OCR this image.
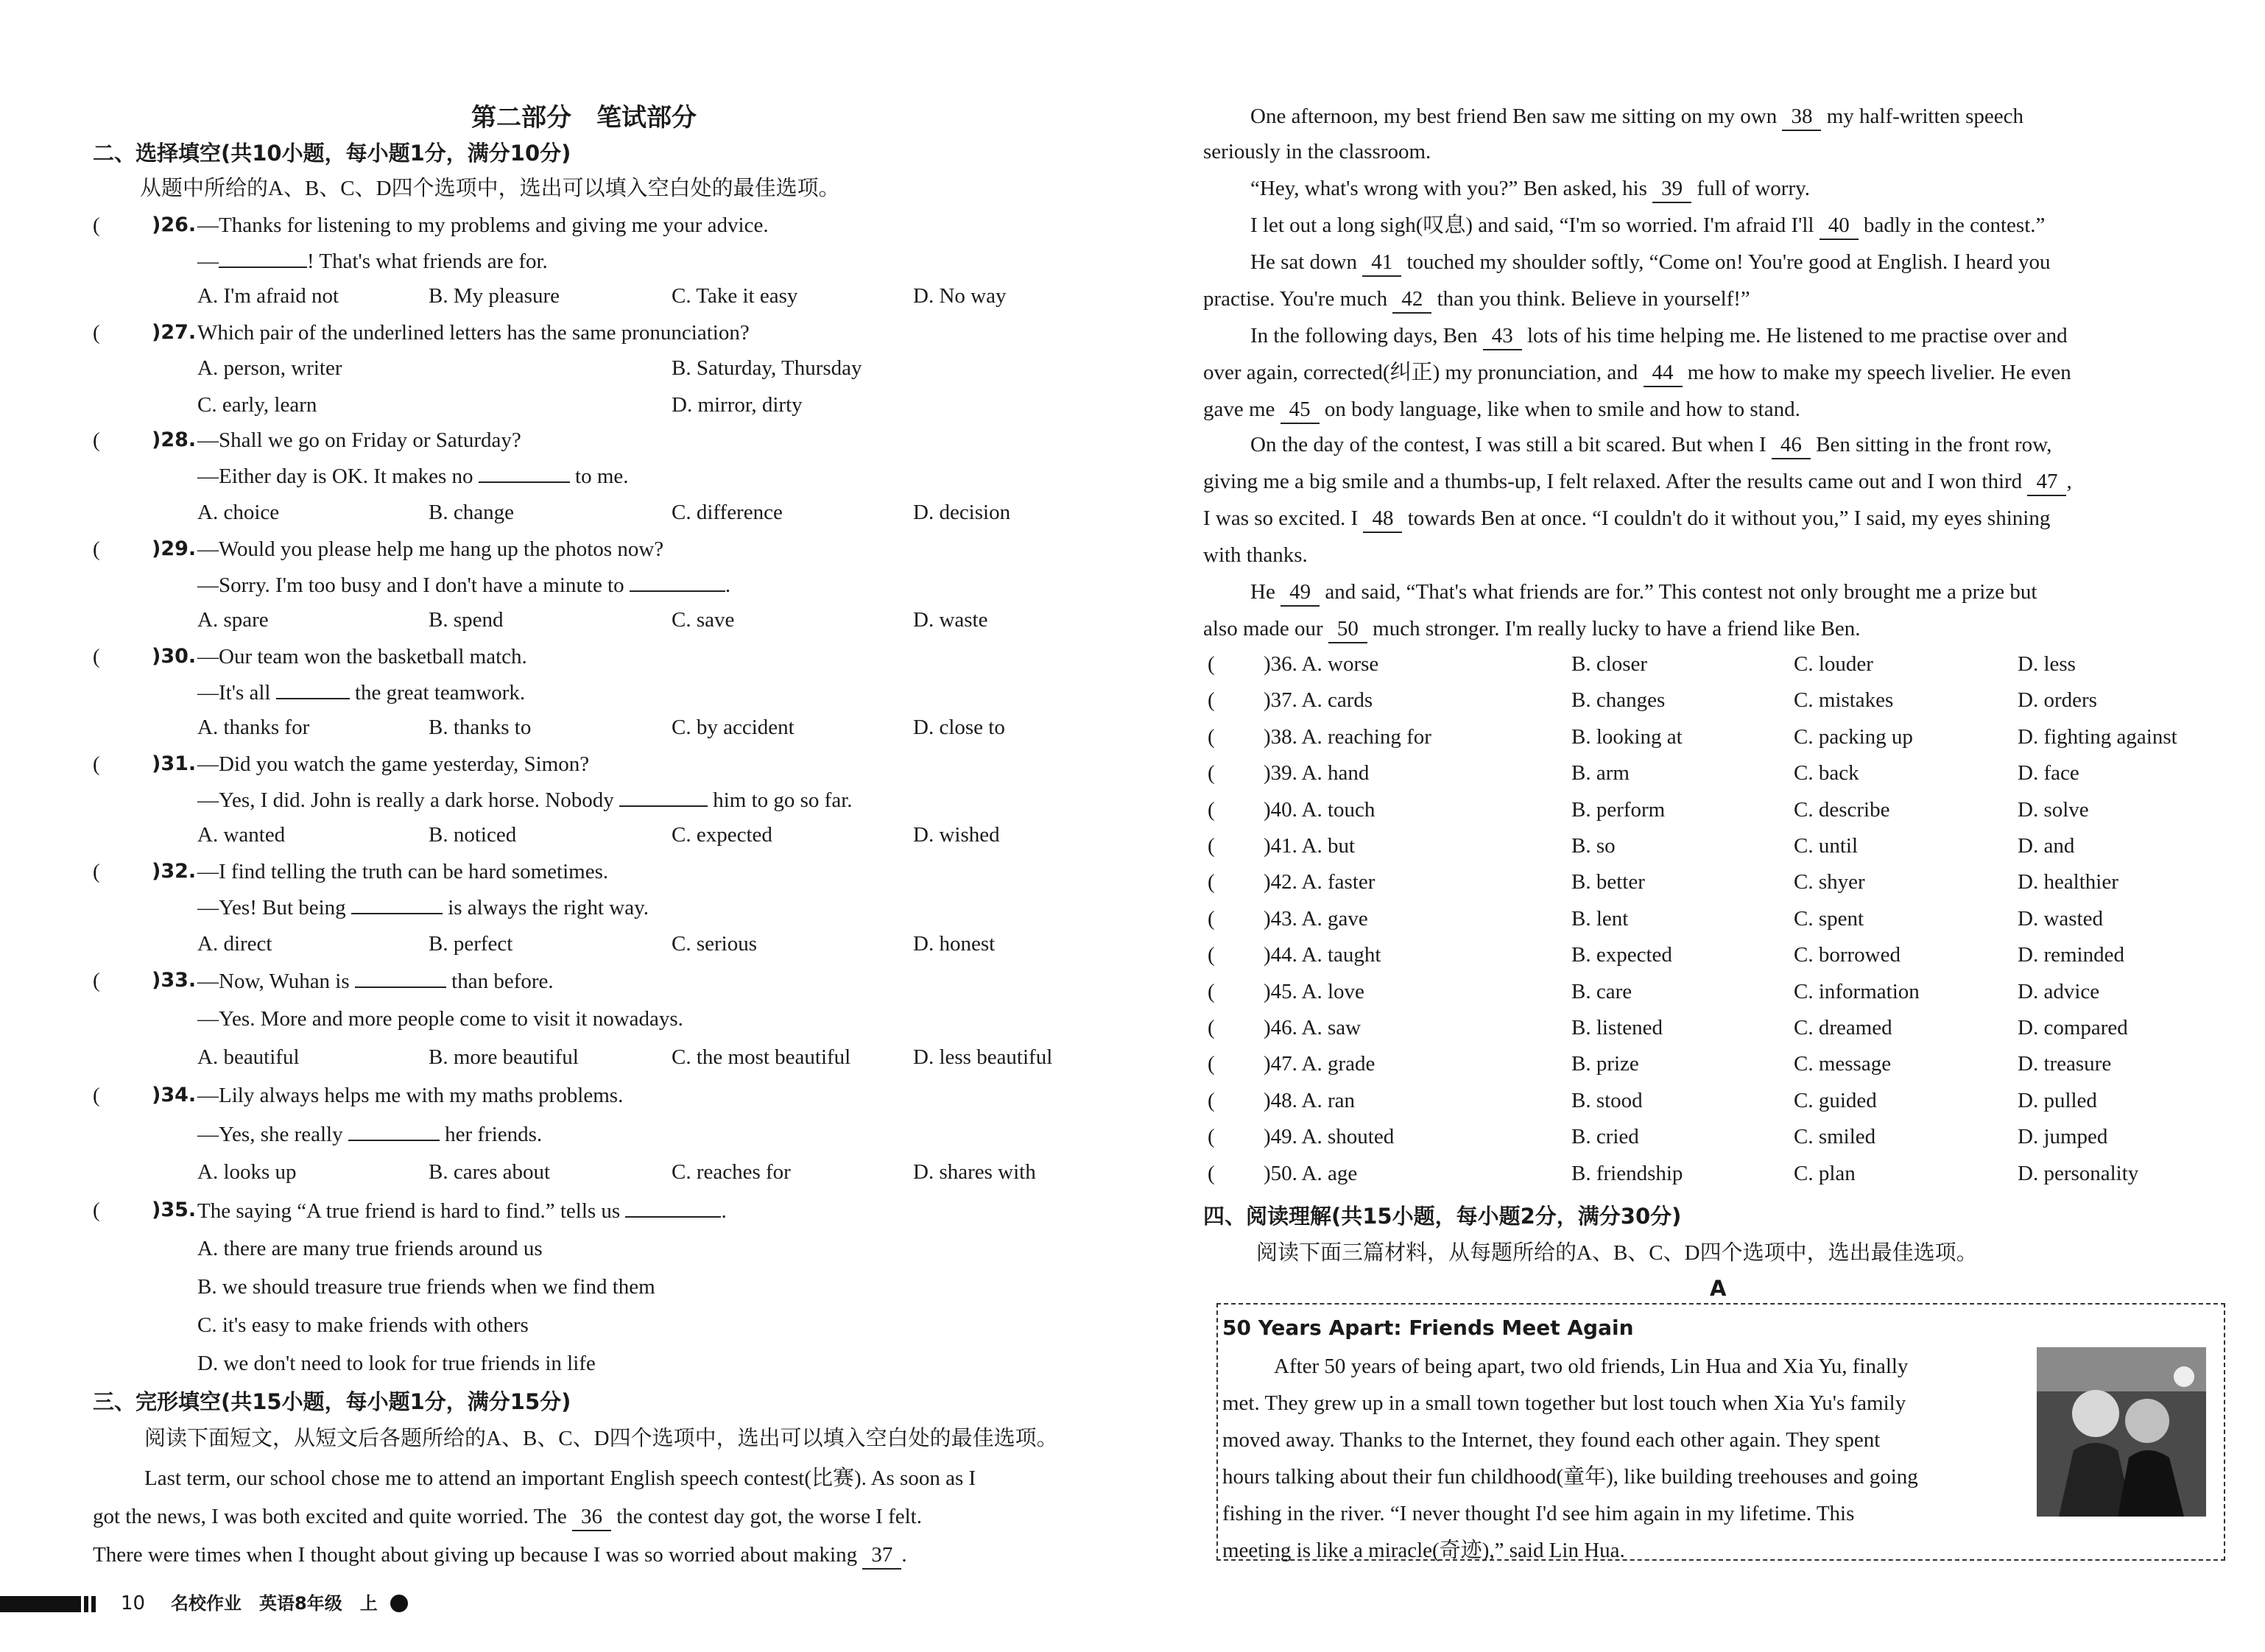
第二部分　笔试部分
二、选择填空(共10小题，每小题1分，满分10分)
从题中所给的A、B、C、D四个选项中，选出可以填入空白处的最佳选项。
(	)26. —Thanks for listening to my problems and giving me your advice.
—	! That's what friends are for.
A. I'm afraid not	B. My pleasure	C. Take it easy	D. No way
(	)27. Which pair of the underlined letters has the same pronunciation?
A. person, writer	B. Saturday, Thursday
C. early, learn	D. mirror, dirty
(	)28. —Shall we go on Friday or Saturday?
—Either day is OK. It makes no	to me.
A. choice	B. change	C. difference	D. decision
(	)29. —Would you please help me hang up the photos now?
—Sorry. I'm too busy and I don't have a minute to	.
A. spare	B. spend	C. save	D. waste
(	)30. —Our team won the basketball match.
—It's all	the great teamwork.
A. thanks for	B. thanks to	C. by accident	D. close to
(	)31. —Did you watch the game yesterday, Simon?
—Yes, I did. John is really a dark horse. Nobody	him to go so far.
A. wanted	B. noticed	C. expected	D. wished
(	)32. —I find telling the truth can be hard sometimes.
—Yes! But being	is always the right way.
A. direct	B. perfect	C. serious	D. honest
(	)33. —Now, Wuhan is	than before.
—Yes. More and more people come to visit it nowadays.
A. beautiful	B. more beautiful	C. the most beautiful	D. less beautiful
(	)34. —Lily always helps me with my maths problems.
—Yes, she really	her friends.
A. looks up	B. cares about	C. reaches for	D. shares with
(	)35. The saying “A true friend is hard to find.” tells us	.
A. there are many true friends around us
B. we should treasure true friends when we find them
C. it's easy to make friends with others
D. we don't need to look for true friends in life
三、完形填空(共15小题，每小题1分，满分15分)
阅读下面短文，从短文后各题所给的A、B、C、D四个选项中，选出可以填入空白处的最佳选项。
Last term, our school chose me to attend an important English speech contest(比赛). As soon as I
got the news, I was both excited and quite worried. The 36 the contest day got, the worse I felt.
There were times when I thought about giving up because I was so worried about making 37 .
10 名校作业　英语8年级　上
One afternoon, my best friend Ben saw me sitting on my own 38 my half-written speech
seriously in the classroom.
“Hey, what's wrong with you?” Ben asked, his 39 full of worry.
I let out a long sigh(叹息) and said, “I'm so worried. I'm afraid I'll 40 badly in the contest.”
He sat down 41 touched my shoulder softly, “Come on! You're good at English. I heard you
practise. You're much 42 than you think. Believe in yourself!”
In the following days, Ben 43 lots of his time helping me. He listened to me practise over and
over again, corrected(纠正) my pronunciation, and 44 me how to make my speech livelier. He even
gave me 45 on body language, like when to smile and how to stand.
On the day of the contest, I was still a bit scared. But when I 46 Ben sitting in the front row,
giving me a big smile and a thumbs-up, I felt relaxed. After the results came out and I won third 47 ,
I was so excited. I 48 towards Ben at once. “I couldn't do it without you,” I said, my eyes shining
with thanks.
He 49 and said, “That's what friends are for.” This contest not only brought me a prize but
also made our 50 much stronger. I'm really lucky to have a friend like Ben.
( )36. A. worse	B. closer	C. louder	D. less
( )37. A. cards	B. changes	C. mistakes	D. orders
( )38. A. reaching for	B. looking at	C. packing up	D. fighting against
( )39. A. hand	B. arm	C. back	D. face
( )40. A. touch	B. perform	C. describe	D. solve
( )41. A. but	B. so	C. until	D. and
( )42. A. faster	B. better	C. shyer	D. healthier
( )43. A. gave	B. lent	C. spent	D. wasted
( )44. A. taught	B. expected	C. borrowed	D. reminded
( )45. A. love	B. care	C. information	D. advice
( )46. A. saw	B. listened	C. dreamed	D. compared
( )47. A. grade	B. prize	C. message	D. treasure
( )48. A. ran	B. stood	C. guided	D. pulled
( )49. A. shouted	B. cried	C. smiled	D. jumped
( )50. A. age	B. friendship	C. plan	D. personality
四、阅读理解(共15小题，每小题2分，满分30分)
阅读下面三篇材料，从每题所给的A、B、C、D四个选项中，选出最佳选项。
A
50 Years Apart: Friends Meet Again
After 50 years of being apart, two old friends, Lin Hua and Xia Yu, finally
met. They grew up in a small town together but lost touch when Xia Yu's family
moved away. Thanks to the Internet, they found each other again. They spent
hours talking about their fun childhood(童年), like building treehouses and going
fishing in the river. “I never thought I'd see him again in my lifetime. This
meeting is like a miracle(奇迹),” said Lin Hua.
